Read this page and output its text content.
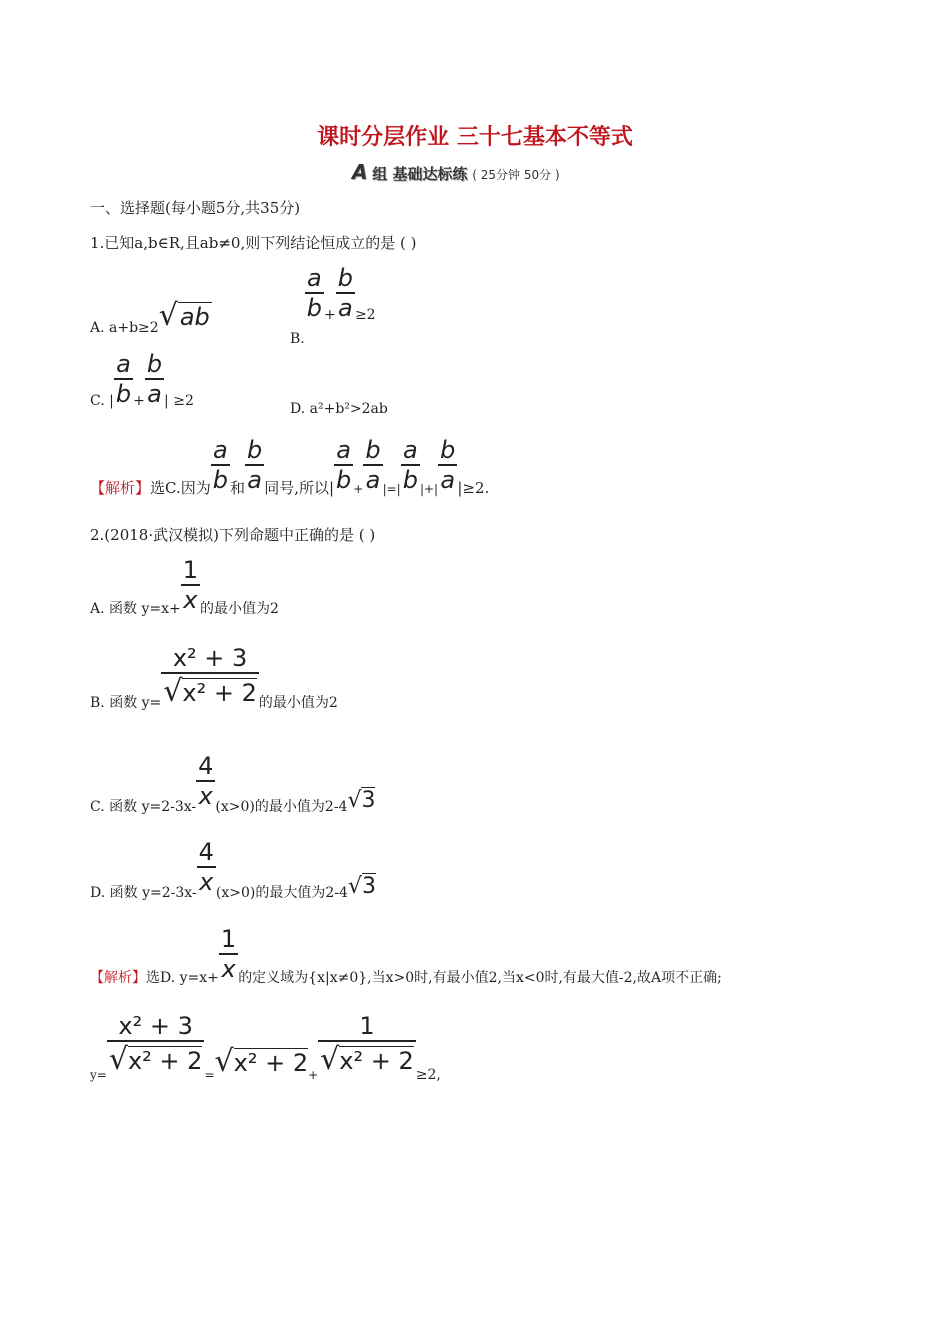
课时分层作业 三十七基本不等式
A 组 基础达标练 ( 25分钟 50分 )
一、选择题(每小题5分,共35分)
1.已知a,b∈R,且ab≠0,则下列结论恒成立的是 ( )
A. a+b≥2√ab
B.
$\frac{a}{b} + \frac{b}{a} \ge 2$
C. | $\frac{a}{b} + \frac{b}{a}$ | ≥2	D. a²+b²>2ab
【解析】选C.因为 $\frac{a}{b}$ 和 $\frac{b}{a}$ 同号,所以| $\frac{a}{b} _+ \frac{b}{a} _{|=|} \frac{a}{b} _{|+|} \frac{b}{a} |\ge 2$.
2.(2018·武汉模拟)下列命题中正确的是 ( )
A. 函数 $y=x+ \frac{1}{x}$ 的最小值为2
B. 函数 $y= \frac{\text{x² + 3}}{\text{√x² + 2}}$ 的最小值为2
C. 函数 $y=2-3x- \frac{4}{x} (x>0)$的最小值为2-4√3
D. 函数 $y=2-3x- \frac{4}{x} (x>0)$的最大值为2-4√3
【解析】选D. $y=x+ \frac{1}{x}$ 的定义域为{x|x≠0},当x>0时,有最小值2,当x<0时,有最大值-2,故A项不正确;
$y= \frac{\text{x² + 3}}{\text{√x² + 2}} =√x^2 + 2+ \frac{1}{\text{√x² + 2}} \ge 2$,
